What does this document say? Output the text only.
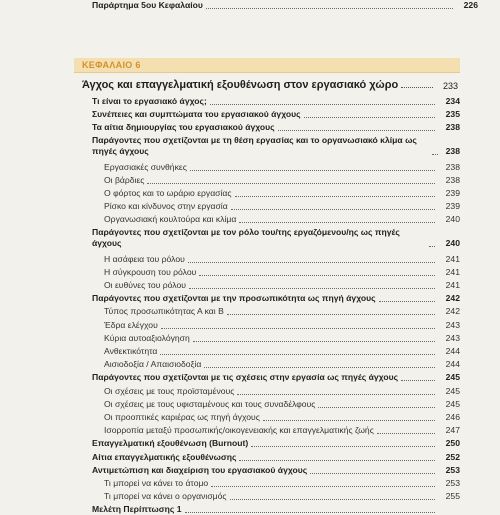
Παράρτημα 5ου Κεφαλαίου	226
ΚΕΦΑΛΑΙΟ 6
Άγχος και επαγγελματική εξουθένωση στον εργασιακό χώρο	233
Τι είναι το εργασιακό άγχος;	234
Συνέπειες και συμπτώματα του εργασιακού άγχους	235
Τα αίτια δημιουργίας του εργασιακού άγχους	238
Παράγοντες που σχετίζονται με τη θέση εργασίας και το οργανωσιακό κλίμα ως πηγές άγχους	238
Εργασιακές συνθήκες	238
Οι βάρδιες	238
Ο φόρτος και το ωράριο εργασίας	239
Ρίσκο και κίνδυνος στην εργασία	239
Οργανωσιακή κουλτούρα και κλίμα	240
Παράγοντες που σχετίζονται με τον ρόλο του/της εργαζόμενου/ης ως πηγές άγχους	240
Η ασάφεια του ρόλου	241
Η σύγκρουση του ρόλου	241
Οι ευθύνες του ρόλου	241
Παράγοντες που σχετίζονται με την προσωπικότητα ως πηγή άγχους	242
Τύπος προσωπικότητας Α και Β	242
Έδρα ελέγχου	243
Κύρια αυτοαξιολόγηση	243
Ανθεκτικότητα	244
Αισιοδοξία / Απαισιοδοξία	244
Παράγοντες που σχετίζονται με τις σχέσεις στην εργασία ως πηγές άγχους	245
Οι σχέσεις με τους προϊσταμένους	245
Οι σχέσεις με τους υφισταμένους και τους συναδέλφους	245
Οι προοπτικές καριέρας ως πηγή άγχους	246
Ισορροπία μεταξύ προσωπικής/οικογενειακής και επαγγελματικής ζωής	247
Επαγγελματική εξουθένωση (Burnout)	250
Αίτια επαγγελματικής εξουθένωσης	252
Αντιμετώπιση και διαχείριση του εργασιακού άγχους	253
Τι μπορεί να κάνει το άτομο	253
Τι μπορεί να κάνει ο οργανισμός	255
Μελέτη Περίπτωσης 1
